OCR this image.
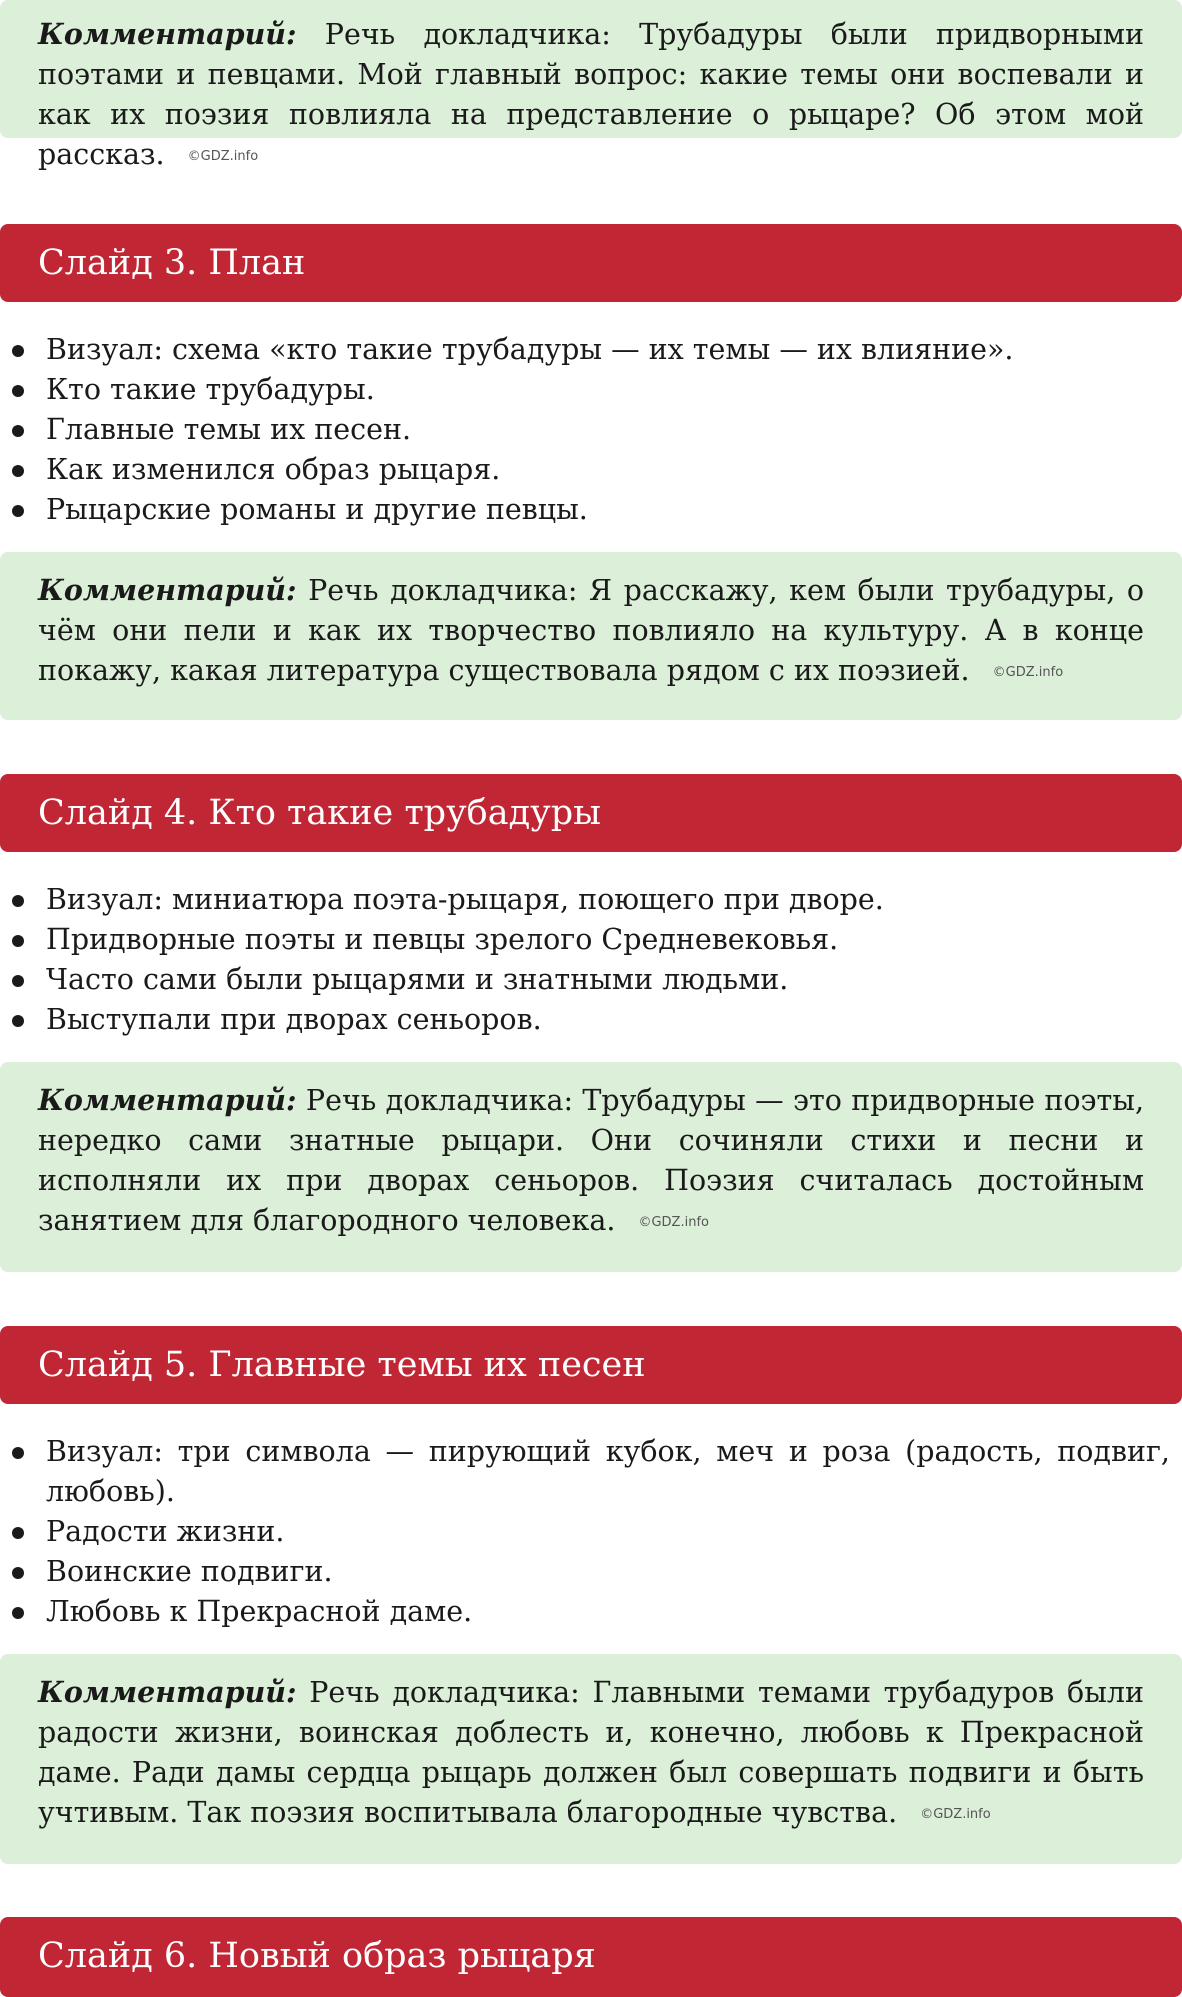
Комментарий: Речь докладчика: Трубадуры были придворными поэтами и певцами. Мой главный вопрос: какие темы они воспевали и как их поэзия повлияла на представление о рыцаре? Об этом мой рассказ. ©GDZ.info
Слайд 3. План
Визуал: схема «кто такие трубадуры — их темы — их влияние».
Кто такие трубадуры.
Главные темы их песен.
Как изменился образ рыцаря.
Рыцарские романы и другие певцы.
Комментарий: Речь докладчика: Я расскажу, кем были трубадуры, о чём они пели и как их творчество повлияло на культуру. А в конце покажу, какая литература существовала рядом с их поэзией. ©GDZ.info
Слайд 4. Кто такие трубадуры
Визуал: миниатюра поэта-рыцаря, поющего при дворе.
Придворные поэты и певцы зрелого Средневековья.
Часто сами были рыцарями и знатными людьми.
Выступали при дворах сеньоров.
Комментарий: Речь докладчика: Трубадуры — это придворные поэты, нередко сами знатные рыцари. Они сочиняли стихи и песни и исполняли их при дворах сеньоров. Поэзия считалась достойным занятием для благородного человека. ©GDZ.info
Слайд 5. Главные темы их песен
Визуал: три символа — пирующий кубок, меч и роза (радость, подвиг, любовь).
Радости жизни.
Воинские подвиги.
Любовь к Прекрасной даме.
Комментарий: Речь докладчика: Главными темами трубадуров были радости жизни, воинская доблесть и, конечно, любовь к Прекрасной даме. Ради дамы сердца рыцарь должен был совершать подвиги и быть учтивым. Так поэзия воспитывала благородные чувства. ©GDZ.info
Слайд 6. Новый образ рыцаря
